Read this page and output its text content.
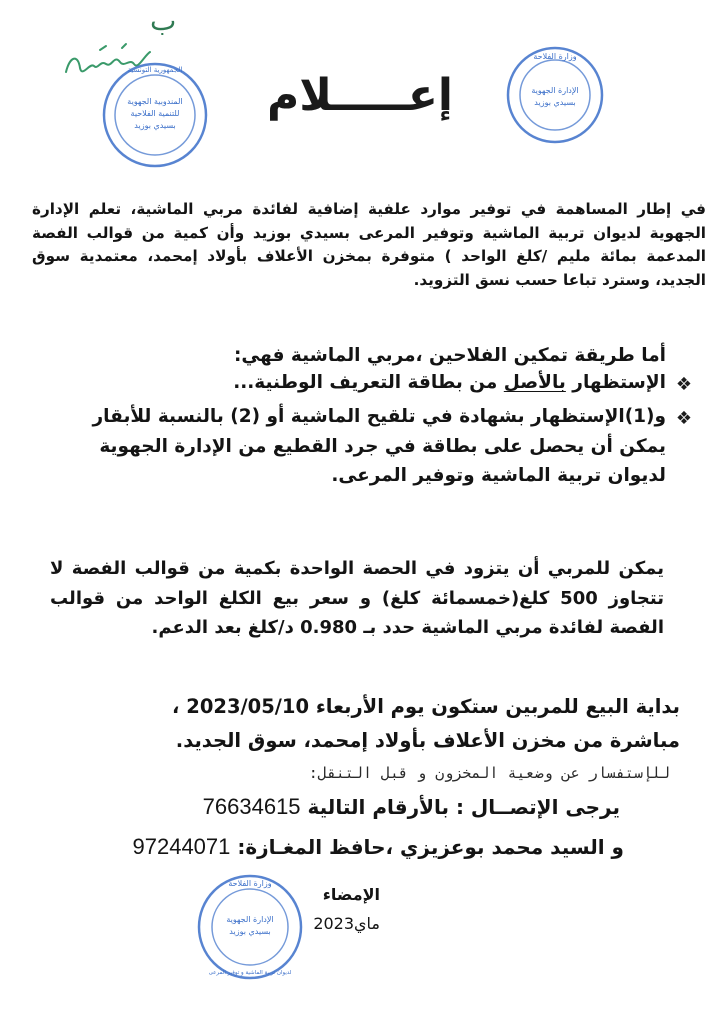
ب
المندوبية الجهوية
للتنمية الفلاحية
بسيدي بوزيد
الجمهورية التونسية
وزارة الفلاحة
الإدارة الجهوية
بسيدي بوزيد
إعـــــلام
في إطار المساهمة في توفير موارد علفية إضافية لفائدة مربي الماشية، تعلم الإدارة الجهوية لديوان تربية الماشية وتوفير المرعى بسيدي بوزيد وأن كمية من قوالب الفصة المدعمة بمائة مليم /كلغ الواحد ) متوفرة بمخزن الأعلاف بأولاد إمحمد، معتمدية سوق الجديد، وسترد تباعا حسب نسق التزويد.
أما طريقة تمكين الفلاحين ،مربي الماشية فهي:
❖
الإستظهار بالأصل من بطاقة التعريف الوطنية...
❖
و(1)الإستظهار بشهادة في تلقيح الماشية أو (2) بالنسبة للأبقار يمكن أن يحصل على بطاقة في جرد القطيع من الإدارة الجهوية لديوان تربية الماشية وتوفير المرعى.
يمكن للمربي أن يتزود في الحصة الواحدة بكمية من قوالب الفصة لا تتجاوز 500 كلغ(خمسمائة كلغ) و سعر بيع الكلغ الواحد من قوالب الفصة لفائدة مربي الماشية حدد بـ 0.980 د/كلغ بعد الدعم.
بداية البيع للمربين ستكون يوم الأربعاء 2023/05/10 ،
مباشرة من مخزن الأعلاف بأولاد إمحمد، سوق الجديد.
للإستفسار عن وضعية المخزون و قبل التنقل:
يرجى الإتصــال : بالأرقام التالية 76634615
و السيد محمد بوعزيزي ،حافظ المغـازة: 97244071
الإمضاء
ماي2023
وزارة الفلاحة
الإدارة الجهوية
بسيدي بوزيد
لديوان تربية الماشية و توفير المرعى
